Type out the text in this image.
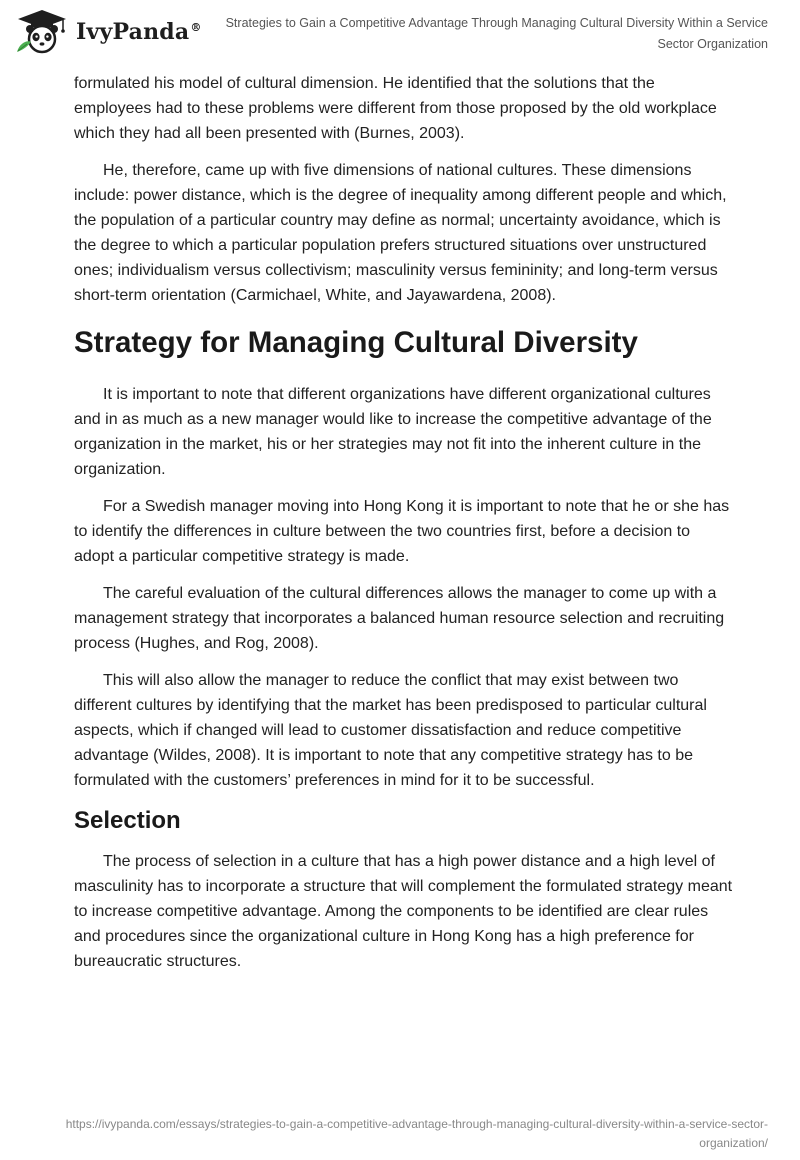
IvyPanda®	Strategies to Gain a Competitive Advantage Through Managing Cultural Diversity Within a Service Sector Organization

formulated his model of cultural dimension. He identified that the solutions that the employees had to these problems were different from those proposed by the old workplace which they had all been presented with (Burnes, 2003).

He, therefore, came up with five dimensions of national cultures. These dimensions include: power distance, which is the degree of inequality among different people and which, the population of a particular country may define as normal; uncertainty avoidance, which is the degree to which a particular population prefers structured situations over unstructured ones; individualism versus collectivism; masculinity versus femininity; and long-term versus short-term orientation (Carmichael, White, and Jayawardena, 2008).

Strategy for Managing Cultural Diversity

It is important to note that different organizations have different organizational cultures and in as much as a new manager would like to increase the competitive advantage of the organization in the market, his or her strategies may not fit into the inherent culture in the organization.

For a Swedish manager moving into Hong Kong it is important to note that he or she has to identify the differences in culture between the two countries first, before a decision to adopt a particular competitive strategy is made.

The careful evaluation of the cultural differences allows the manager to come up with a management strategy that incorporates a balanced human resource selection and recruiting process (Hughes, and Rog, 2008).

This will also allow the manager to reduce the conflict that may exist between two different cultures by identifying that the market has been predisposed to particular cultural aspects, which if changed will lead to customer dissatisfaction and reduce competitive advantage (Wildes, 2008). It is important to note that any competitive strategy has to be formulated with the customers’ preferences in mind for it to be successful.

Selection

The process of selection in a culture that has a high power distance and a high level of masculinity has to incorporate a structure that will complement the formulated strategy meant to increase competitive advantage. Among the components to be identified are clear rules and procedures since the organizational culture in Hong Kong has a high preference for bureaucratic structures.

https://ivypanda.com/essays/strategies-to-gain-a-competitive-advantage-through-managing-cultural-diversity-within-a-service-sector-organization/
